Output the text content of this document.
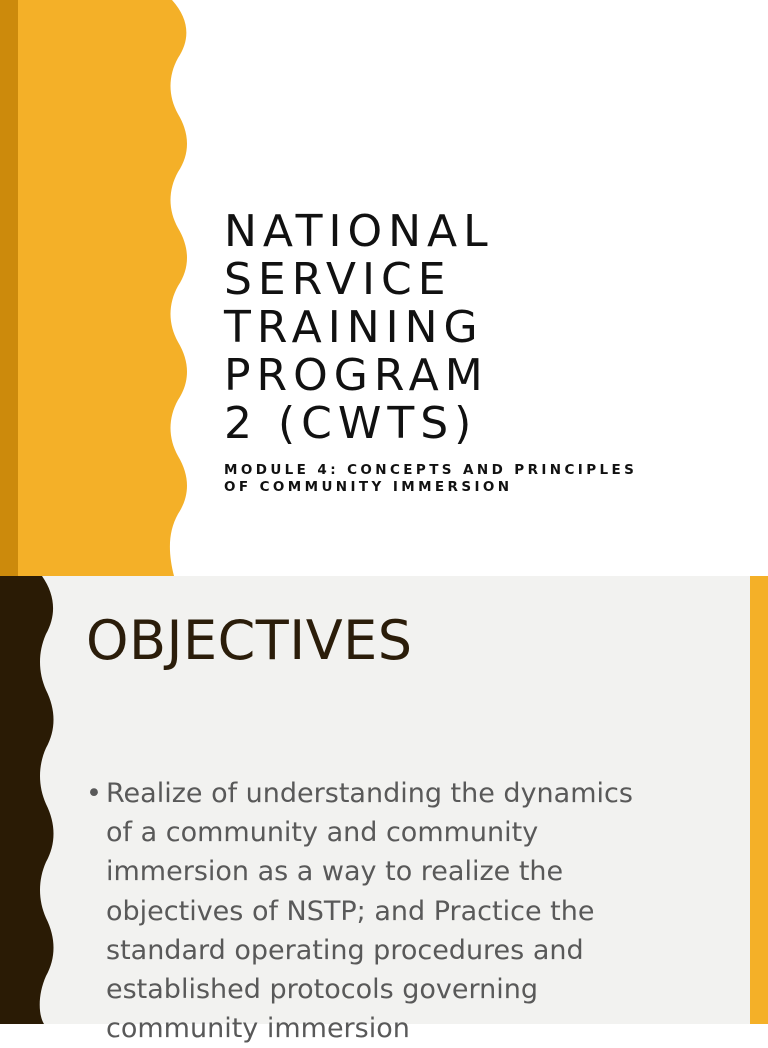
NATIONAL
SERVICE
TRAINING
PROGRAM
2 (CWTS)
MODULE 4: CONCEPTS AND PRINCIPLES
OF COMMUNITY IMMERSION
OBJECTIVES
• Realize of understanding the dynamics
of a community and community
immersion as a way to realize the
objectives of NSTP; and Practice the
standard operating procedures and
established protocols governing
community immersion
